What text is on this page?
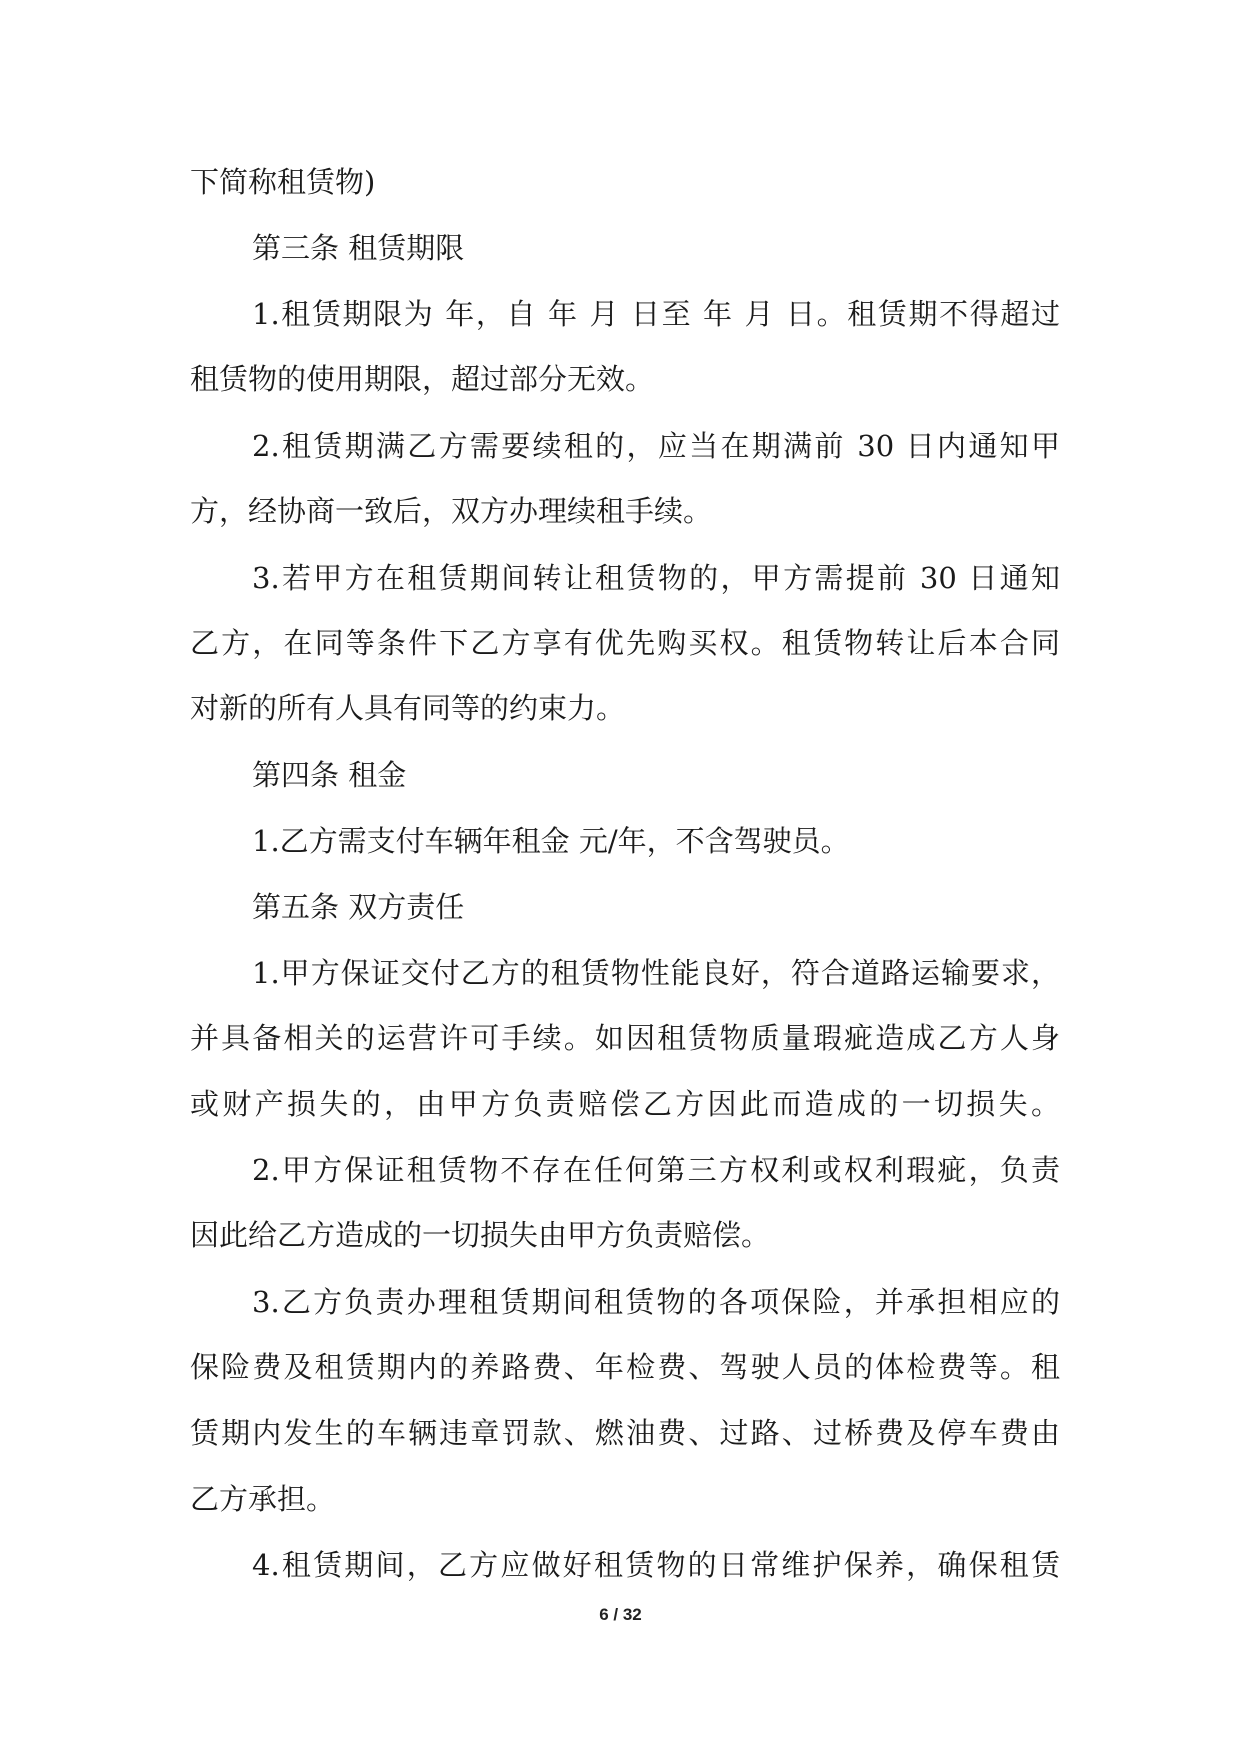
下简称租赁物)
第三条 租赁期限
1.租赁期限为 年，自 年 月 日至 年 月 日。租赁期不得超过
租赁物的使用期限，超过部分无效。
2.租赁期满乙方需要续租的，应当在期满前 30 日内通知甲
方，经协商一致后，双方办理续租手续。
3.若甲方在租赁期间转让租赁物的，甲方需提前 30 日通知
乙方，在同等条件下乙方享有优先购买权。租赁物转让后本合同
对新的所有人具有同等的约束力。
第四条 租金
1.乙方需支付车辆年租金 元/年，不含驾驶员。
第五条 双方责任
1.甲方保证交付乙方的租赁物性能良好，符合道路运输要求，
并具备相关的运营许可手续。如因租赁物质量瑕疵造成乙方人身
或财产损失的，由甲方负责赔偿乙方因此而造成的一切损失。
2.甲方保证租赁物不存在任何第三方权利或权利瑕疵，负责
因此给乙方造成的一切损失由甲方负责赔偿。
3.乙方负责办理租赁期间租赁物的各项保险，并承担相应的
保险费及租赁期内的养路费、年检费、驾驶人员的体检费等。租
赁期内发生的车辆违章罚款、燃油费、过路、过桥费及停车费由
乙方承担。
4.租赁期间，乙方应做好租赁物的日常维护保养，确保租赁
6 / 32
